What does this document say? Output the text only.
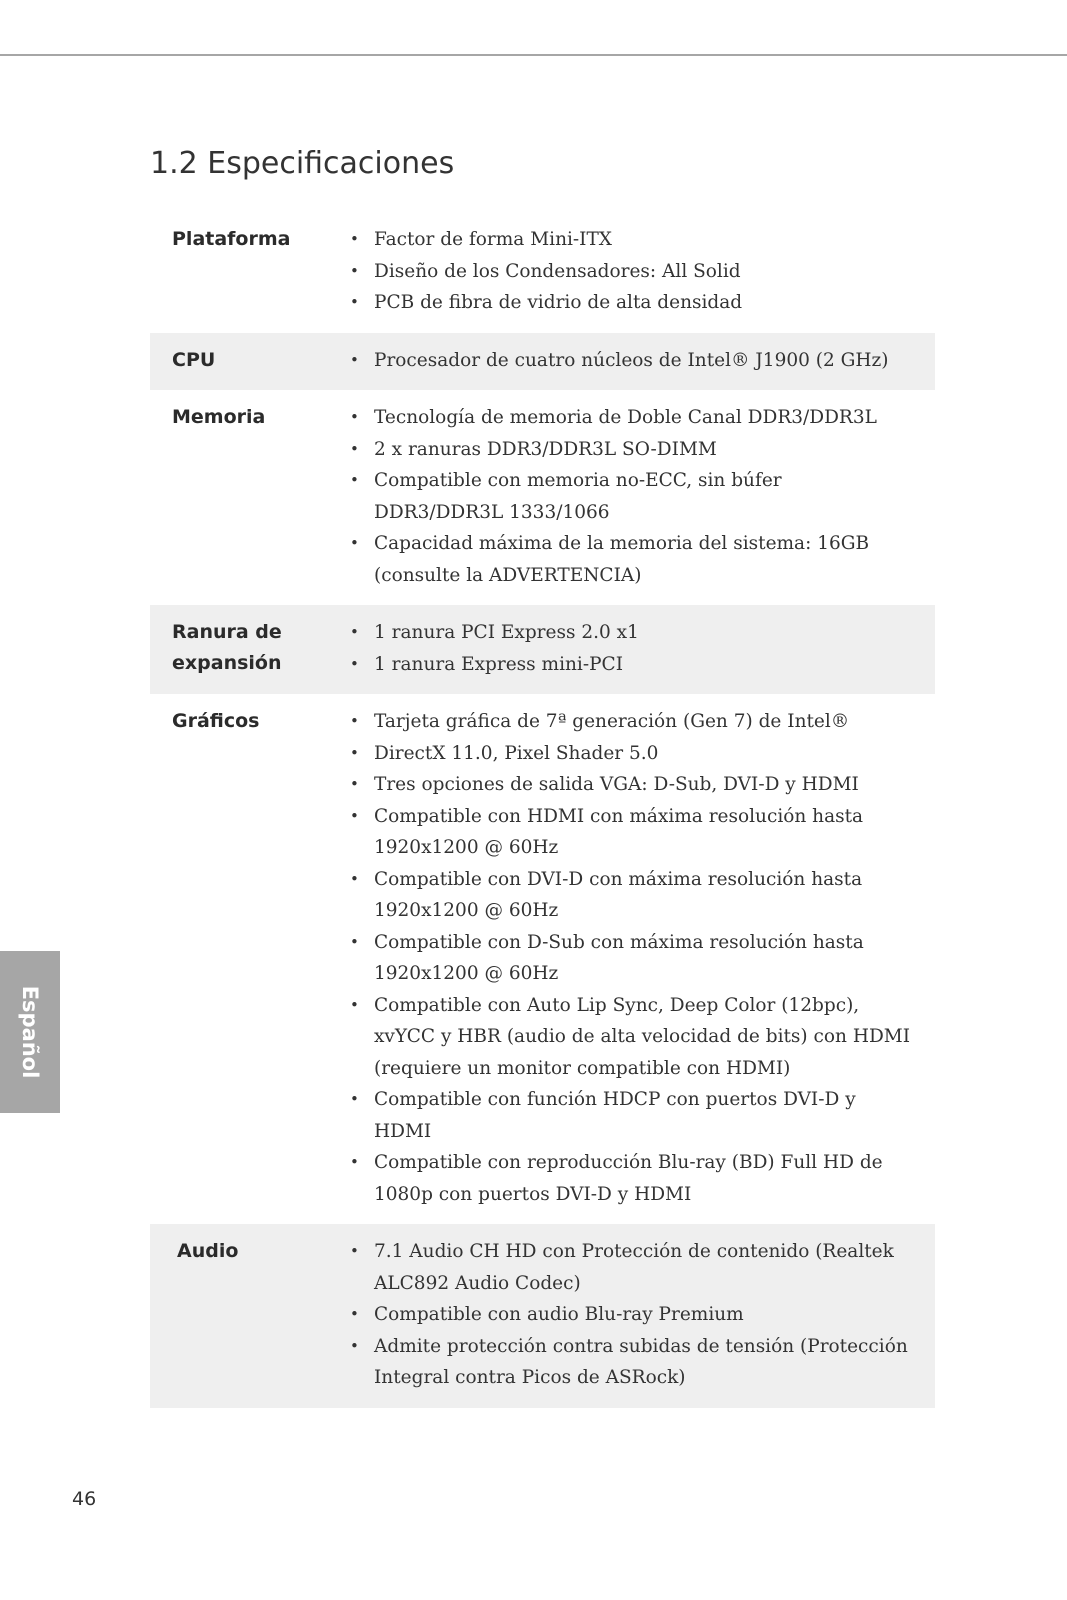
1.2 Especificaciones
Plataforma	• Factor de forma Mini-ITX
• Diseño de los Condensadores: All Solid
• PCB de fibra de vidrio de alta densidad
CPU	• Procesador de cuatro núcleos de Intel® J1900 (2 GHz)
Memoria	• Tecnología de memoria de Doble Canal DDR3/DDR3L
• 2 x ranuras DDR3/DDR3L SO-DIMM
• Compatible con memoria no-ECC, sin búfer DDR3/DDR3L 1333/1066
• Capacidad máxima de la memoria del sistema: 16GB (consulte la ADVERTENCIA)
Ranura de expansión
• 1 ranura PCI Express 2.0 x1
• 1 ranura Express mini-PCI
Gráficos	• Tarjeta gráfica de 7ª generación (Gen 7) de Intel®
• DirectX 11.0, Pixel Shader 5.0
• Tres opciones de salida VGA: D-Sub, DVI-D y HDMI
• Compatible con HDMI con máxima resolución hasta 1920x1200 @ 60Hz
• Compatible con DVI-D con máxima resolución hasta 1920x1200 @ 60Hz
• Compatible con D-Sub con máxima resolución hasta 1920x1200 @ 60Hz
• Compatible con Auto Lip Sync, Deep Color (12bpc), xvYCC y HBR (audio de alta velocidad de bits) con HDMI (requiere un monitor compatible con HDMI)
• Compatible con función HDCP con puertos DVI-D y HDMI
• Compatible con reproducción Blu-ray (BD) Full HD de 1080p con puertos DVI-D y HDMI
Audio	• 7.1 Audio CH HD con Protección de contenido (Realtek ALC892 Audio Codec)
• Compatible con audio Blu-ray Premium
• Admite protección contra subidas de tensión (Protección Integral contra Picos de ASRock)
Español
46
